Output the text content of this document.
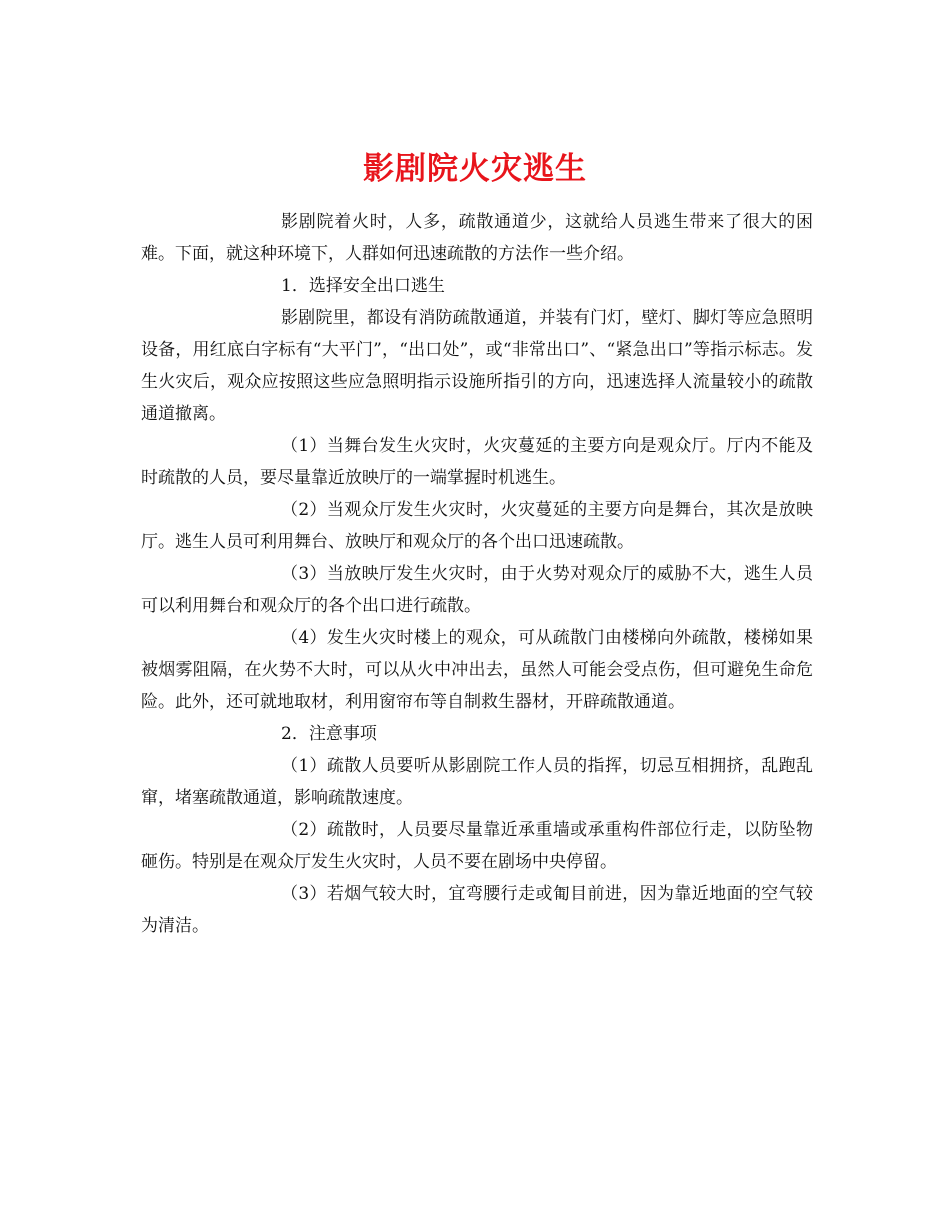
影剧院火灾逃生

影剧院着火时，人多，疏散通道少，这就给人员逃生带来了很大的困难。下面，就这种环境下，人群如何迅速疏散的方法作一些介绍。

1．选择安全出口逃生

影剧院里，都设有消防疏散通道，并装有门灯，壁灯、脚灯等应急照明设备，用红底白字标有“大平门”，“出口处”，或“非常出口”、“紧急出口”等指示标志。发生火灾后，观众应按照这些应急照明指示设施所指引的方向，迅速选择人流量较小的疏散通道撤离。

（1）当舞台发生火灾时，火灾蔓延的主要方向是观众厅。厅内不能及时疏散的人员，要尽量靠近放映厅的一端掌握时机逃生。

（2）当观众厅发生火灾时，火灾蔓延的主要方向是舞台，其次是放映厅。逃生人员可利用舞台、放映厅和观众厅的各个出口迅速疏散。

（3）当放映厅发生火灾时，由于火势对观众厅的威胁不大，逃生人员可以利用舞台和观众厅的各个出口进行疏散。

（4）发生火灾时楼上的观众，可从疏散门由楼梯向外疏散，楼梯如果被烟雾阻隔，在火势不大时，可以从火中冲出去，虽然人可能会受点伤，但可避免生命危险。此外，还可就地取材，利用窗帘布等自制救生器材，开辟疏散通道。

2．注意事项

（1）疏散人员要听从影剧院工作人员的指挥，切忌互相拥挤，乱跑乱窜，堵塞疏散通道，影响疏散速度。

（2）疏散时，人员要尽量靠近承重墙或承重构件部位行走，以防坠物砸伤。特别是在观众厅发生火灾时，人员不要在剧场中央停留。

（3）若烟气较大时，宜弯腰行走或匍目前进，因为靠近地面的空气较为清洁。
